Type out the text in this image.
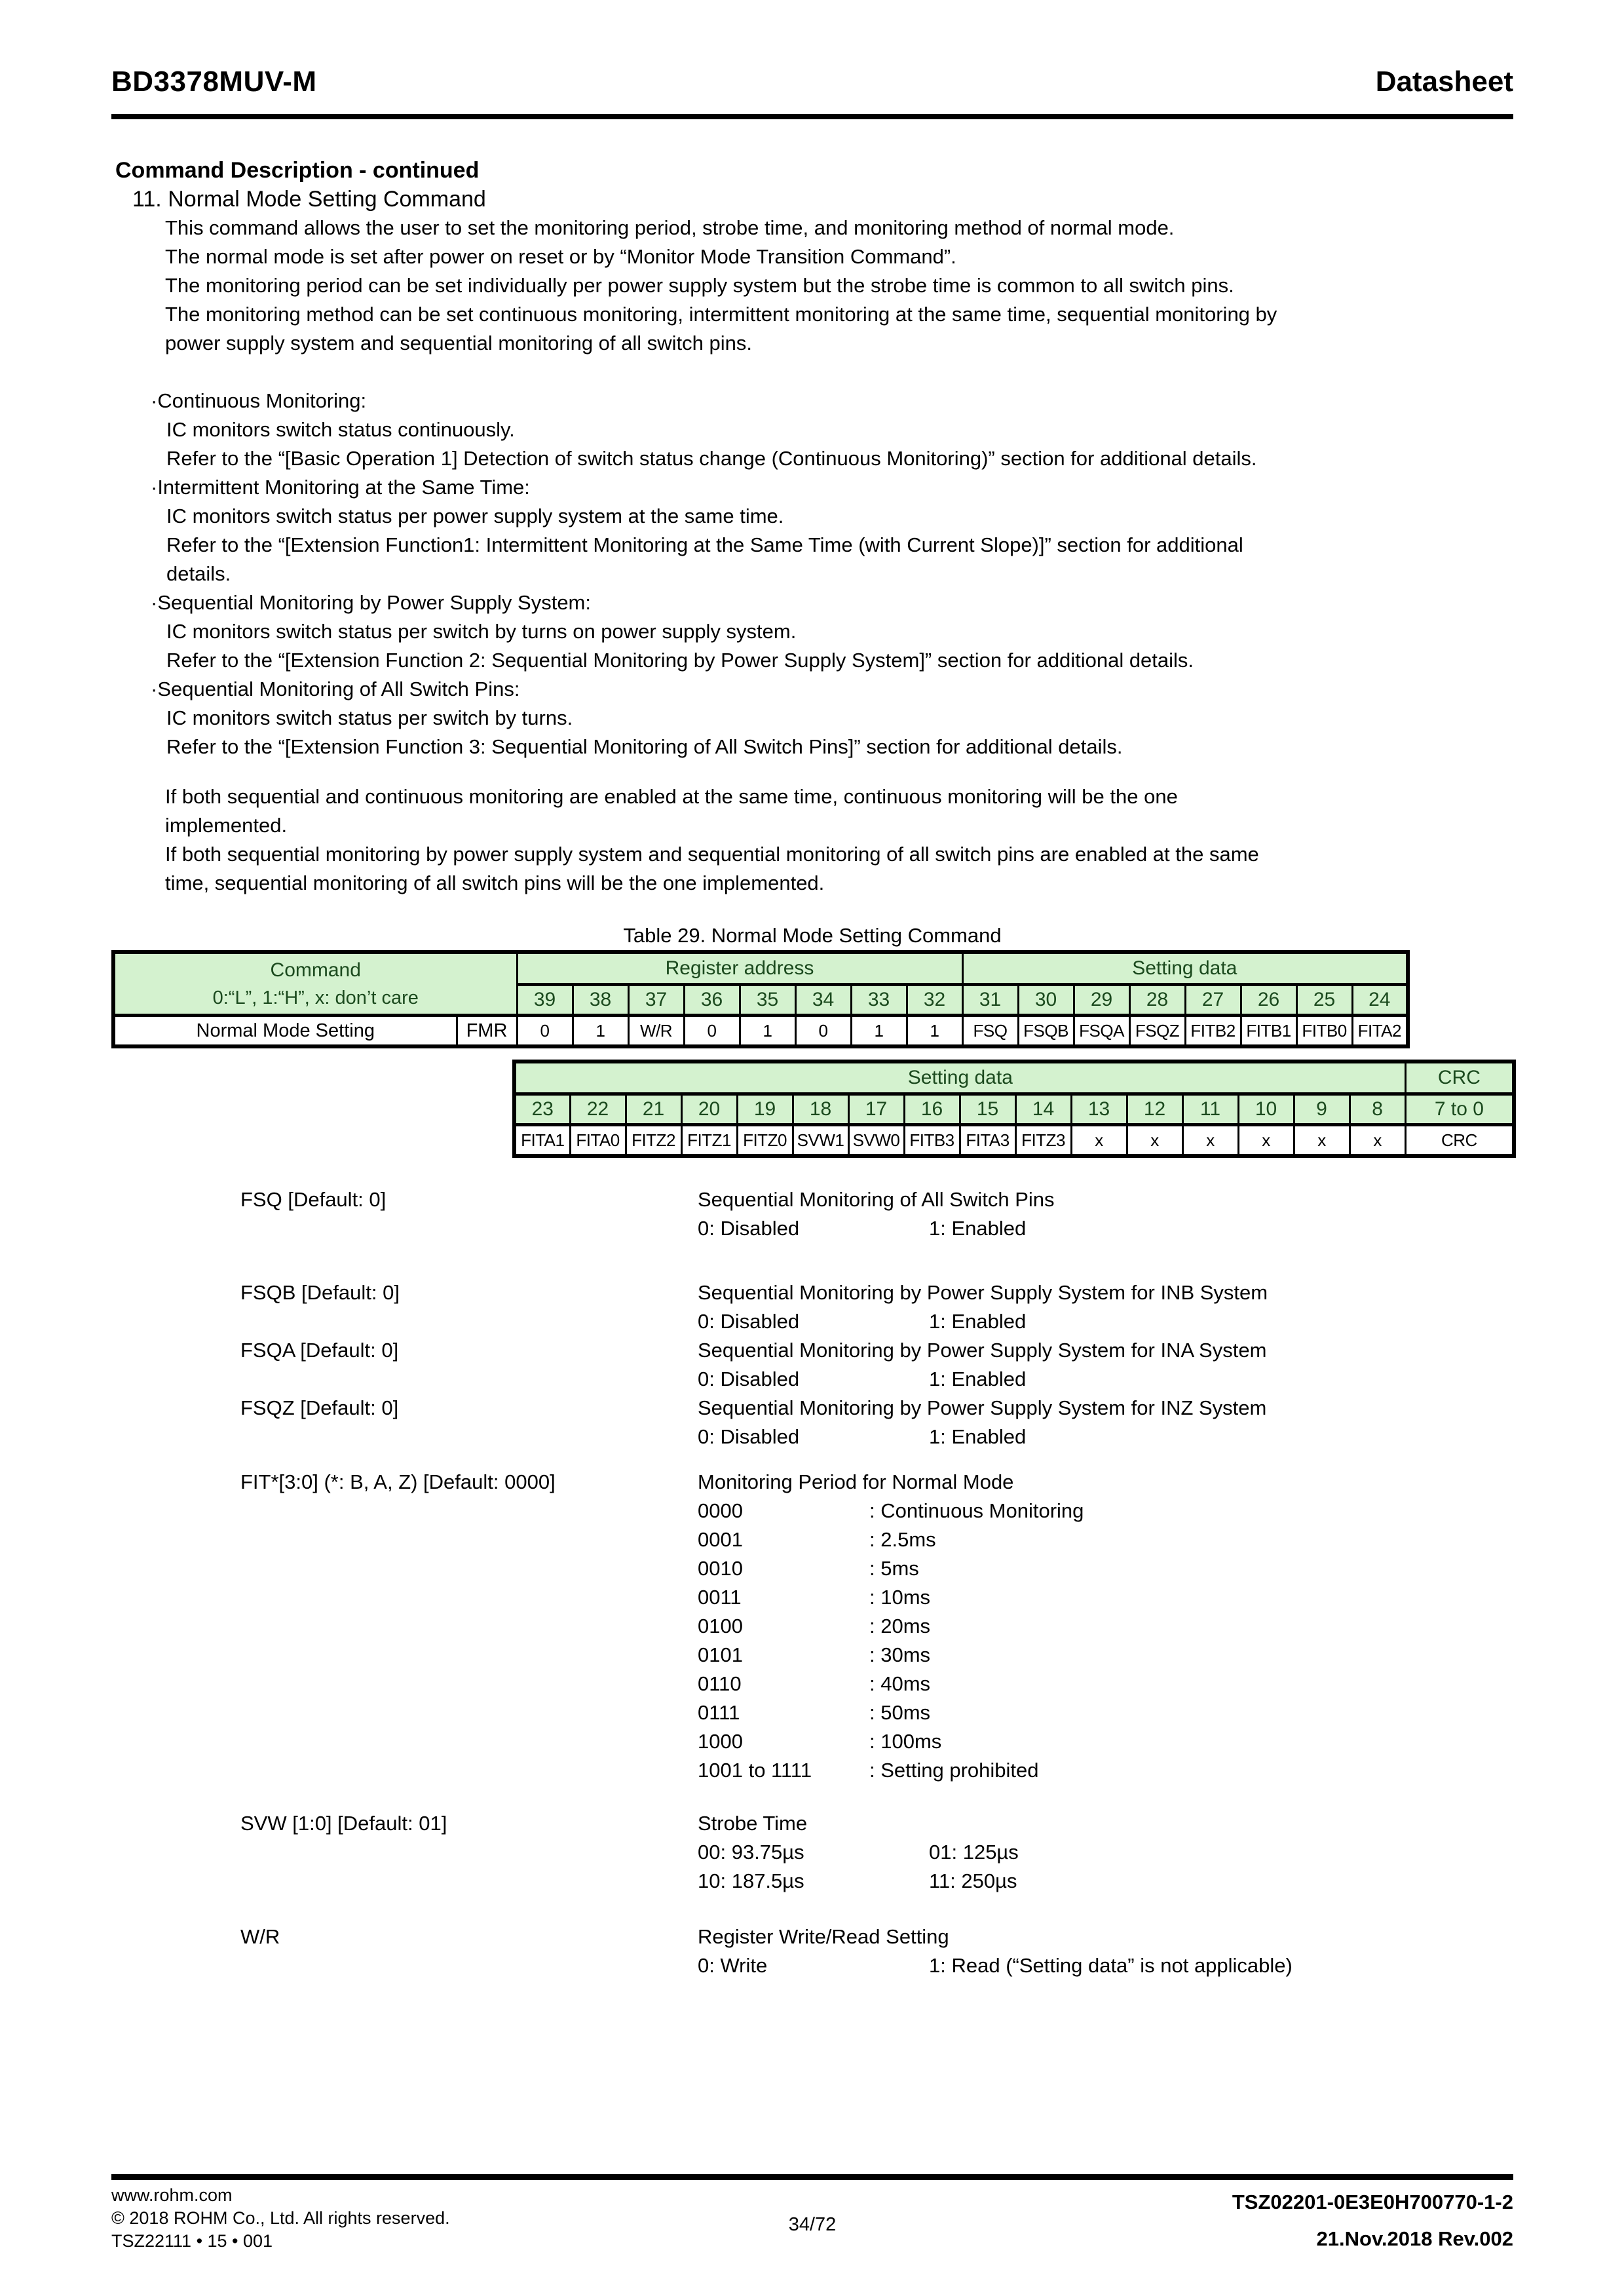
BD3378MUV-M	Datasheet
Command Description - continued
11. Normal Mode Setting Command
This command allows the user to set the monitoring period, strobe time, and monitoring method of normal mode.
The normal mode is set after power on reset or by “Monitor Mode Transition Command”.
The monitoring period can be set individually per power supply system but the strobe time is common to all switch pins.
The monitoring method can be set continuous monitoring, intermittent monitoring at the same time, sequential monitoring by
power supply system and sequential monitoring of all switch pins.
·Continuous Monitoring:
IC monitors switch status continuously.
Refer to the “[Basic Operation 1] Detection of switch status change (Continuous Monitoring)” section for additional details.
·Intermittent Monitoring at the Same Time:
IC monitors switch status per power supply system at the same time.
Refer to the “[Extension Function1: Intermittent Monitoring at the Same Time (with Current Slope)]” section for additional
details.
·Sequential Monitoring by Power Supply System:
IC monitors switch status per switch by turns on power supply system.
Refer to the “[Extension Function 2: Sequential Monitoring by Power Supply System]” section for additional details.
·Sequential Monitoring of All Switch Pins:
IC monitors switch status per switch by turns.
Refer to the “[Extension Function 3: Sequential Monitoring of All Switch Pins]” section for additional details.
If both sequential and continuous monitoring are enabled at the same time, continuous monitoring will be the one
implemented.
If both sequential monitoring by power supply system and sequential monitoring of all switch pins are enabled at the same
time, sequential monitoring of all switch pins will be the one implemented.
Table 29. Normal Mode Setting Command
Command
0:“L”, 1:“H”, x: don’t care		Register address								Setting data							
		39	38	37	36	35	34	33	32	31	30	29	28	27	26	25	24
Normal Mode Setting	FMR	0	1	W/R	0	1	0	1	1	FSQ	FSQB	FSQA	FSQZ	FITB2	FITB1	FITB0	FITA2
Setting data																CRC
23	22	21	20	19	18	17	16	15	14	13	12	11	10	9	8	7 to 0
FITA1	FITA0	FITZ2	FITZ1	FITZ0	SVW1	SVW0	FITB3	FITA3	FITZ3	x	x	x	x	x	x	CRC
FSQ [Default: 0]	Sequential Monitoring of All Switch Pins
0: Disabled	1: Enabled
FSQB [Default: 0]	Sequential Monitoring by Power Supply System for INB System
0: Disabled	1: Enabled
FSQA [Default: 0]	Sequential Monitoring by Power Supply System for INA System
0: Disabled	1: Enabled
FSQZ [Default: 0]	Sequential Monitoring by Power Supply System for INZ System
0: Disabled	1: Enabled
FIT*[3:0] (*: B, A, Z) [Default: 0000]	Monitoring Period for Normal Mode
0000	: Continuous Monitoring
0001	: 2.5ms
0010	: 5ms
0011	: 10ms
0100	: 20ms
0101	: 30ms
0110	: 40ms
0111	: 50ms
1000	: 100ms
1001 to 1111	: Setting prohibited
SVW [1:0] [Default: 01]	Strobe Time
00: 93.75µs	01: 125µs
10: 187.5µs	11: 250µs
W/R	Register Write/Read Setting
0: Write	1: Read (“Setting data” is not applicable)
www.rohm.com
© 2018 ROHM Co., Ltd. All rights reserved.
TSZ22111 • 15 • 001
34/72
TSZ02201-0E3E0H700770-1-2
21.Nov.2018 Rev.002
